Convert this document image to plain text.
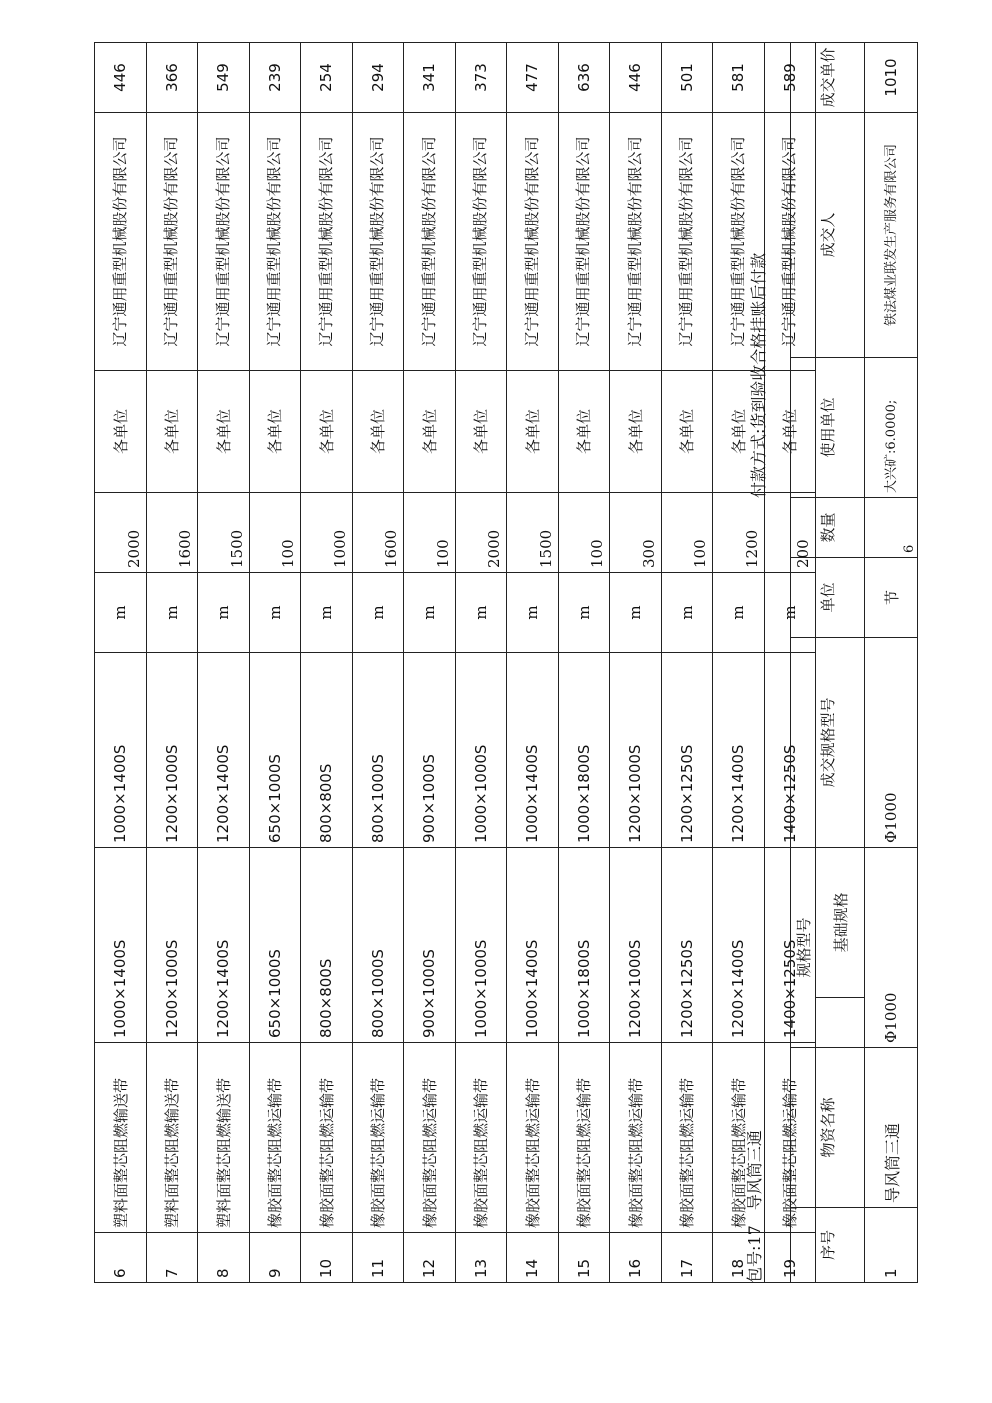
6	塑料面整芯阻燃输送带	1000×1400S	1000×1400S	m	2000	各单位	辽宁通用重型机械股份有限公司	446
7	塑料面整芯阻燃输送带	1200×1000S	1200×1000S	m	1600	各单位	辽宁通用重型机械股份有限公司	366
8	塑料面整芯阻燃输送带	1200×1400S	1200×1400S	m	1500	各单位	辽宁通用重型机械股份有限公司	549
9	橡胶面整芯阻燃运输带	650×1000S	650×1000S	m	100	各单位	辽宁通用重型机械股份有限公司	239
10	橡胶面整芯阻燃运输带	800×800S	800×800S	m	1000	各单位	辽宁通用重型机械股份有限公司	254
11	橡胶面整芯阻燃运输带	800×1000S	800×1000S	m	1600	各单位	辽宁通用重型机械股份有限公司	294
12	橡胶面整芯阻燃运输带	900×1000S	900×1000S	m	100	各单位	辽宁通用重型机械股份有限公司	341
13	橡胶面整芯阻燃运输带	1000×1000S	1000×1000S	m	2000	各单位	辽宁通用重型机械股份有限公司	373
14	橡胶面整芯阻燃运输带	1000×1400S	1000×1400S	m	1500	各单位	辽宁通用重型机械股份有限公司	477
15	橡胶面整芯阻燃运输带	1000×1800S	1000×1800S	m	100	各单位	辽宁通用重型机械股份有限公司	636
16	橡胶面整芯阻燃运输带	1200×1000S	1200×1000S	m	300	各单位	辽宁通用重型机械股份有限公司	446
17	橡胶面整芯阻燃运输带	1200×1250S	1200×1250S	m	100	各单位	辽宁通用重型机械股份有限公司	501
18	橡胶面整芯阻燃运输带	1200×1400S	1200×1400S	m	1200	各单位	辽宁通用重型机械股份有限公司	581
19	橡胶面整芯阻燃运输带	1400×1250S	1400×1250S	m	200	各单位	辽宁通用重型机械股份有限公司	589
付款方式:货到验收合格挂账后付款
包号:17 导风筒三通
序号	物资名称	规格型号		成交规格型号	单位	数量	使用单位	成交人	成交单价
			基础规格						
1	导风筒三通	Φ1000		Φ1000	节	6	大兴矿:6.0000;	铁法煤业联发生产服务有限公司	1010
